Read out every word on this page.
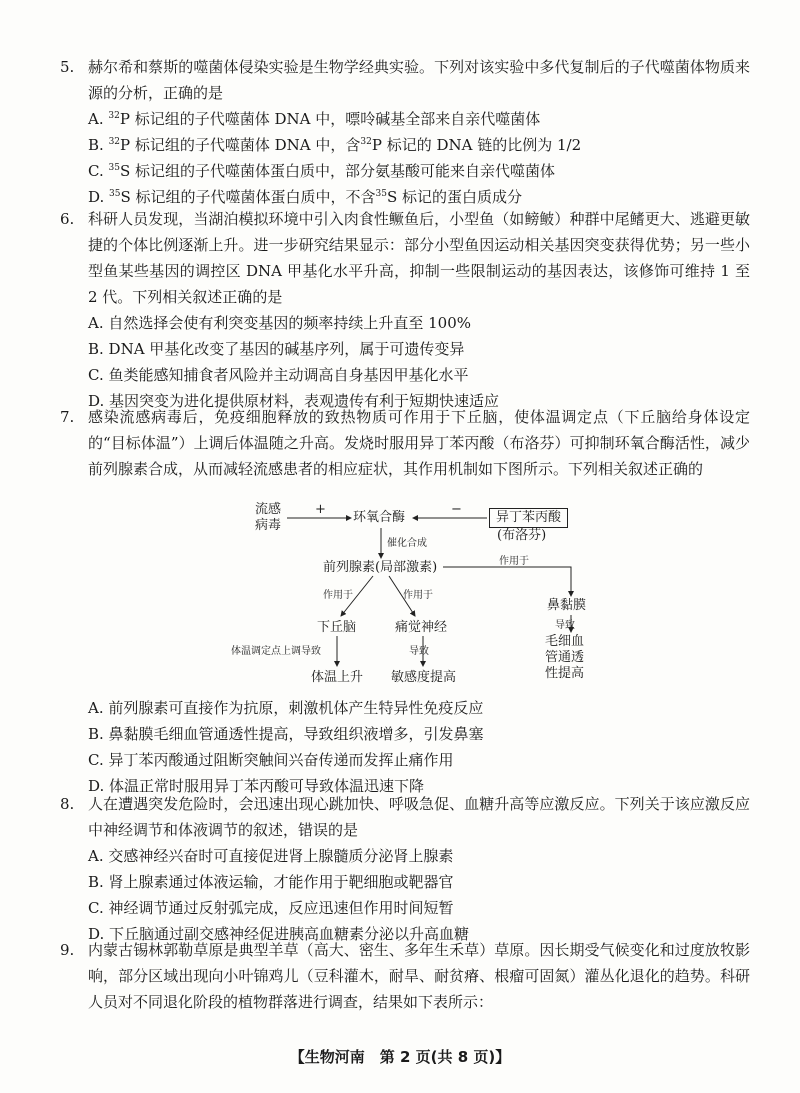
5. 赫尔希和蔡斯的噬菌体侵染实验是生物学经典实验。下列对该实验中多代复制后的子代噬菌体物质来源的分析，正确的是
A. $^{32}$P 标记组的子代噬菌体 DNA 中，嘌呤碱基全部来自亲代噬菌体
B. $^{32}$P 标记组的子代噬菌体 DNA 中，含$^{32}$P 标记的 DNA 链的比例为 1/2
C. $^{35}$S 标记组的子代噬菌体蛋白质中，部分氨基酸可能来自亲代噬菌体
D. $^{35}$S 标记组的子代噬菌体蛋白质中，不含$^{35}$S 标记的蛋白质成分
6. 科研人员发现，当湖泊模拟环境中引入肉食性鳜鱼后，小型鱼（如鳑鲏）种群中尾鳍更大、逃避更敏捷的个体比例逐渐上升。进一步研究结果显示：部分小型鱼因运动相关基因突变获得优势；另一些小型鱼某些基因的调控区 DNA 甲基化水平升高，抑制一些限制运动的基因表达，该修饰可维持 1 至 2 代。下列相关叙述正确的是
A. 自然选择会使有利突变基因的频率持续上升直至 100%
B. DNA 甲基化改变了基因的碱基序列，属于可遗传变异
C. 鱼类能感知捕食者风险并主动调高自身基因甲基化水平
D. 基因突变为进化提供原材料，表观遗传有利于短期快速适应
7. 感染流感病毒后，免疫细胞释放的致热物质可作用于下丘脑，使体温调定点（下丘脑给身体设定的“目标体温”）上调后体温随之升高。发烧时服用异丁苯丙酸（布洛芬）可抑制环氧合酶活性，减少前列腺素合成，从而减轻流感患者的相应症状，其作用机制如下图所示。下列相关叙述正确的
流感
病毒
+
环氧合酶
−
异丁苯丙酸
(布洛芬)
催化合成
前列腺素(局部激素)	作用于
作用于	作用于
鼻黏膜
导致
下丘脑	痛觉神经
毛细血
管通透
性提高
体温调定点上调导致	导致
体温上升 敏感度提高
A. 前列腺素可直接作为抗原，刺激机体产生特异性免疫反应
B. 鼻黏膜毛细血管通透性提高，导致组织液增多，引发鼻塞
C. 异丁苯丙酸通过阻断突触间兴奋传递而发挥止痛作用
D. 体温正常时服用异丁苯丙酸可导致体温迅速下降
8. 人在遭遇突发危险时，会迅速出现心跳加快、呼吸急促、血糖升高等应激反应。下列关于该应激反应中神经调节和体液调节的叙述，错误的是
A. 交感神经兴奋时可直接促进肾上腺髓质分泌肾上腺素
B. 肾上腺素通过体液运输，才能作用于靶细胞或靶器官
C. 神经调节通过反射弧完成，反应迅速但作用时间短暂
D. 下丘脑通过副交感神经促进胰高血糖素分泌以升高血糖
9. 内蒙古锡林郭勒草原是典型羊草（高大、密生、多年生禾草）草原。因长期受气候变化和过度放牧影响，部分区域出现向小叶锦鸡儿（豆科灌木，耐旱、耐贫瘠、根瘤可固氮）灌丛化退化的趋势。科研人员对不同退化阶段的植物群落进行调查，结果如下表所示：
【生物河南　第 2 页(共 8 页)】
